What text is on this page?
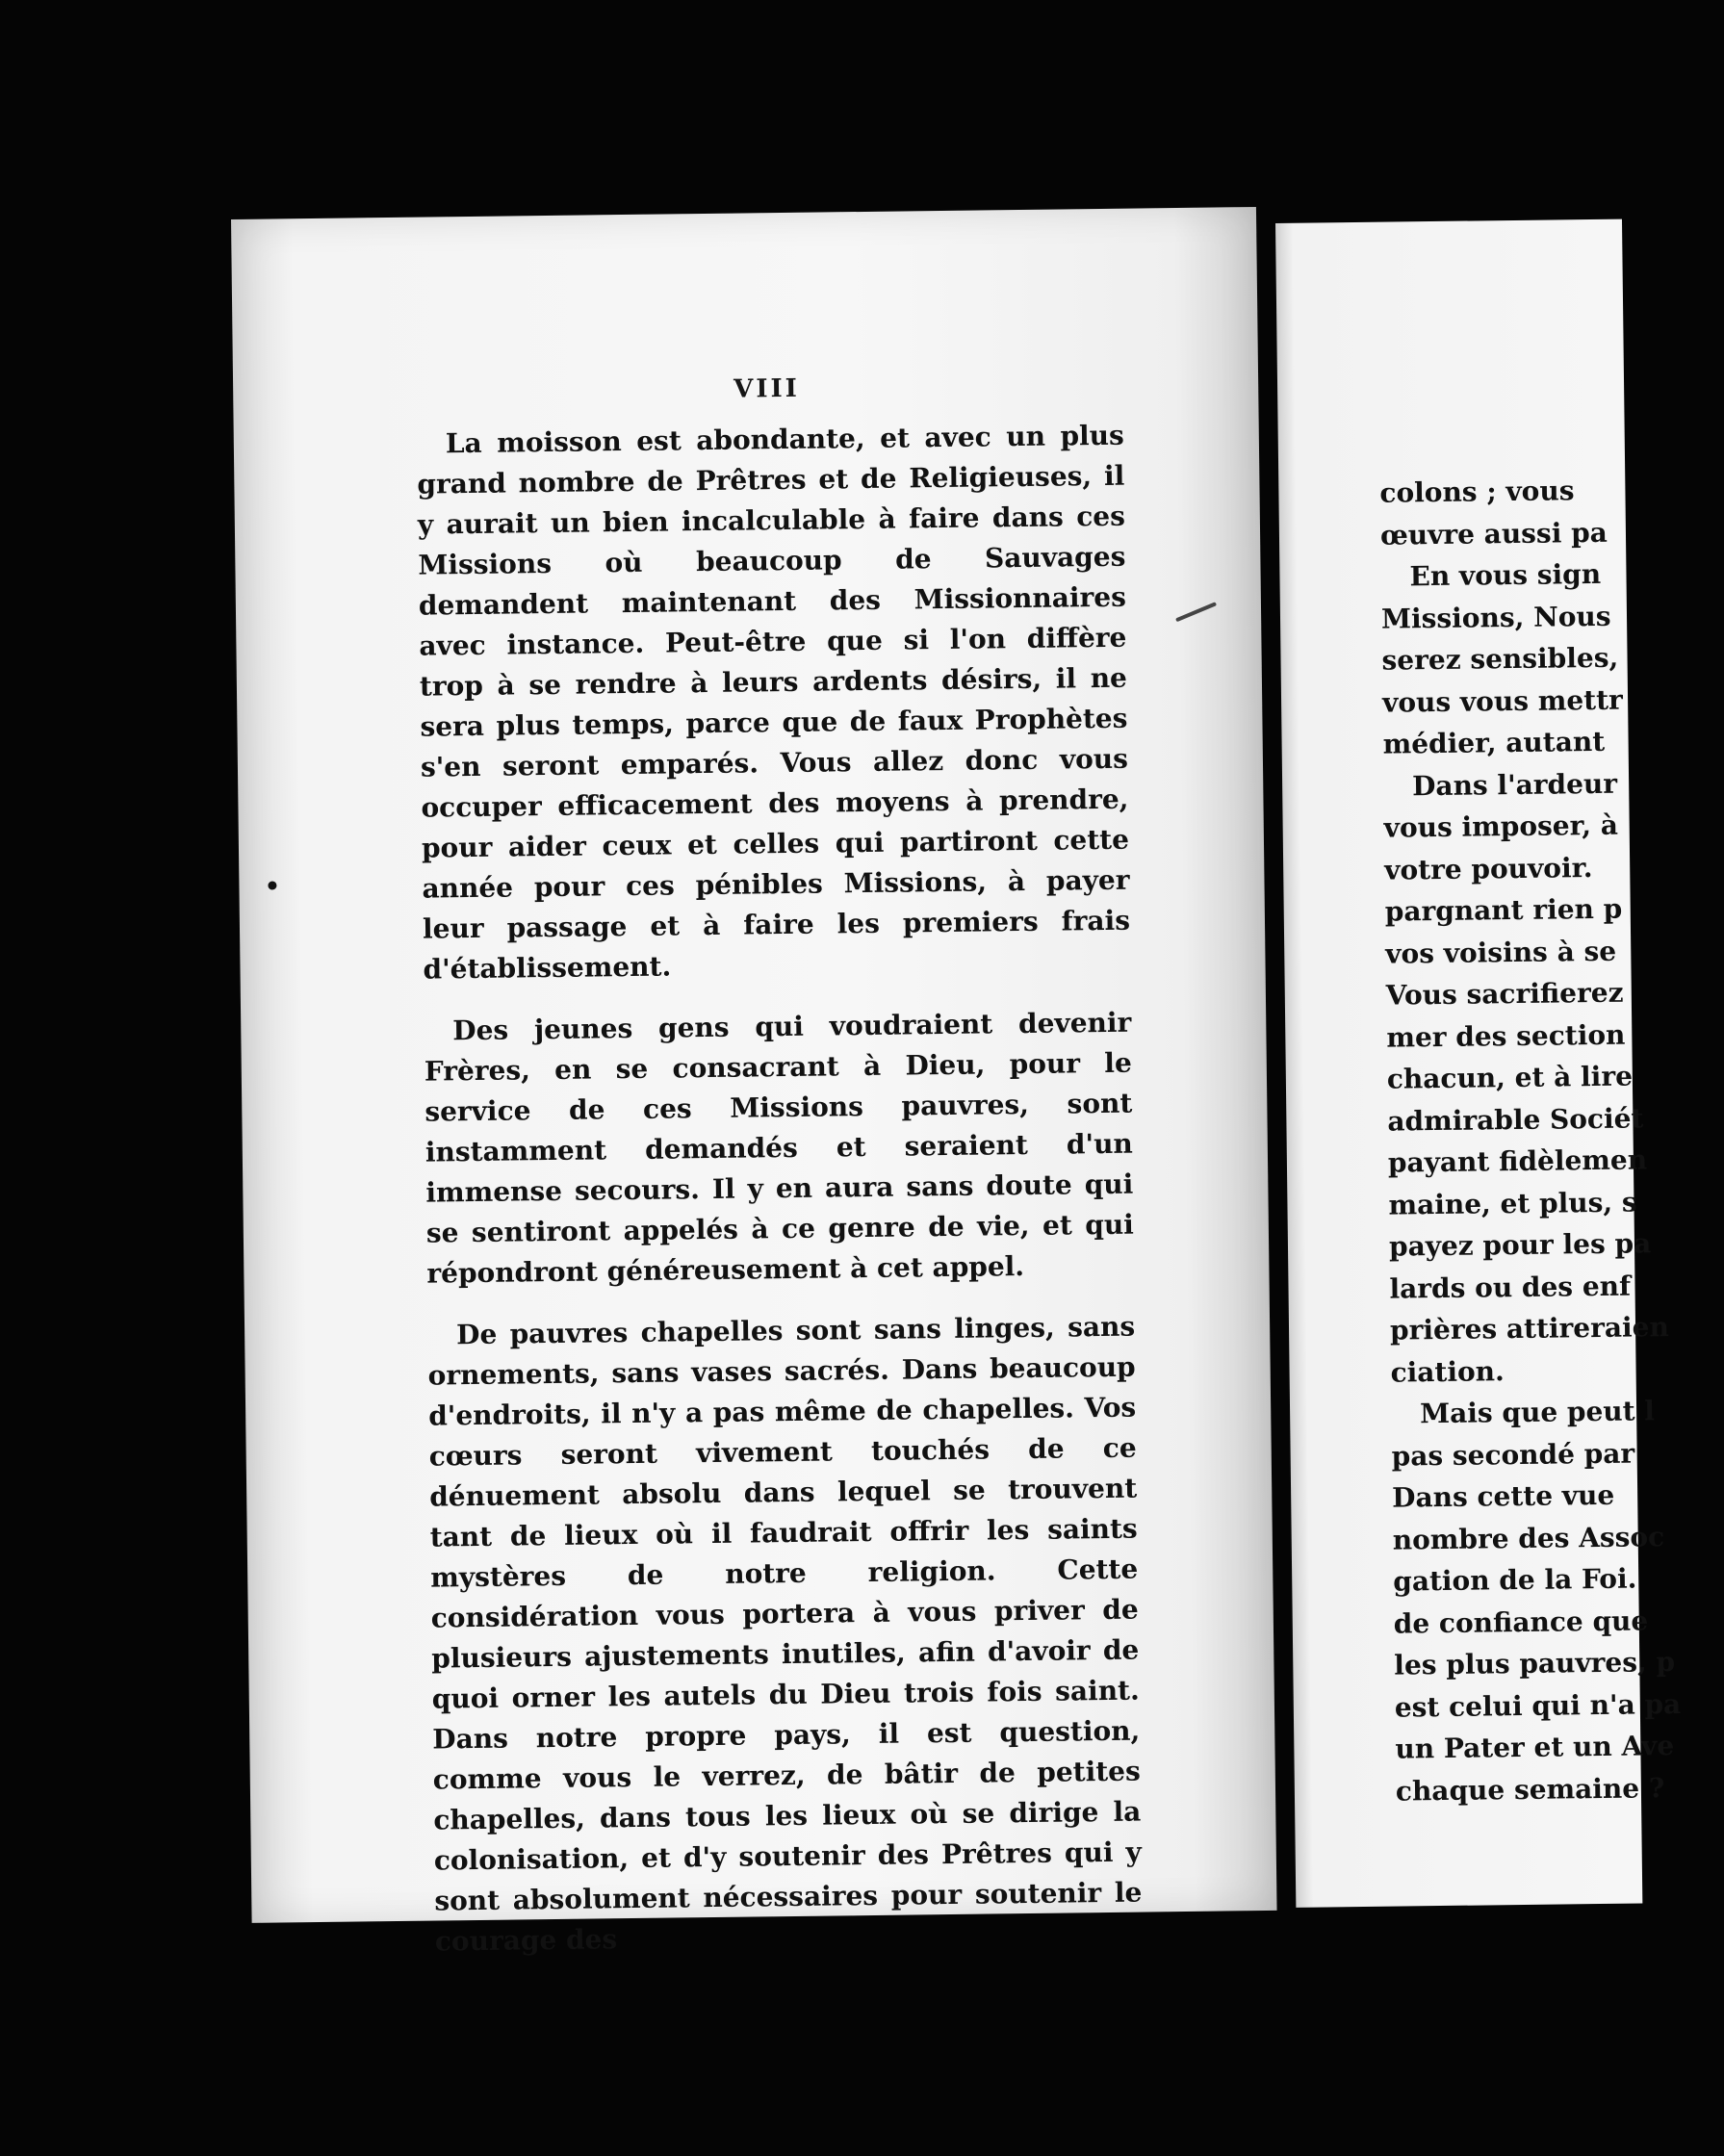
VIII

La moisson est abondante, et avec un plus grand nombre de Prêtres et de Religieuses, il y aurait un bien incalculable à faire dans ces Missions où beaucoup de Sauvages demandent maintenant des Missionnaires avec instance. Peut-être que si l'on diffère trop à se rendre à leurs ardents désirs, il ne sera plus temps, parce que de faux Prophètes s'en seront emparés. Vous allez donc vous occuper efficacement des moyens à prendre, pour aider ceux et celles qui partiront cette année pour ces pénibles Missions, à payer leur passage et à faire les premiers frais d'établissement.

Des jeunes gens qui voudraient devenir Frères, en se consacrant à Dieu, pour le service de ces Missions pauvres, sont instamment demandés et seraient d'un immense secours. Il y en aura sans doute qui se sentiront appelés à ce genre de vie, et qui répondront généreusement à cet appel.

De pauvres chapelles sont sans linges, sans ornements, sans vases sacrés. Dans beaucoup d'endroits, il n'y a pas même de chapelles. Vos cœurs seront vivement touchés de ce dénuement absolu dans lequel se trouvent tant de lieux où il faudrait offrir les saints mystères de notre religion. Cette considération vous portera à vous priver de plusieurs ajustements inutiles, afin d'avoir de quoi orner les autels du Dieu trois fois saint. Dans notre propre pays, il est question, comme vous le verrez, de bâtir de petites chapelles, dans tous les lieux où se dirige la colonisation, et d'y soutenir des Prêtres qui y sont absolument nécessaires pour soutenir le courage des

colons ; vous
œuvre aussi pa
En vous sign
Missions, Nous
serez sensibles,
vous vous mettr
médier, autant
Dans l'ardeur
vous imposer, à
votre pouvoir.
pargnant rien p
vos voisins à se
Vous sacrifierez
mer des section
chacun, et à lire
admirable Sociét
payant fidèlemen
maine, et plus, s
payez pour les pa
lards ou des enf
prières attireraien
ciation.
Mais que peut l
pas secondé par
Dans cette vue
nombre des Assoc
gation de la Foi.
de confiance que
les plus pauvres, p
est celui qui n'a pa
un Pater et un Ave
chaque semaine ?
